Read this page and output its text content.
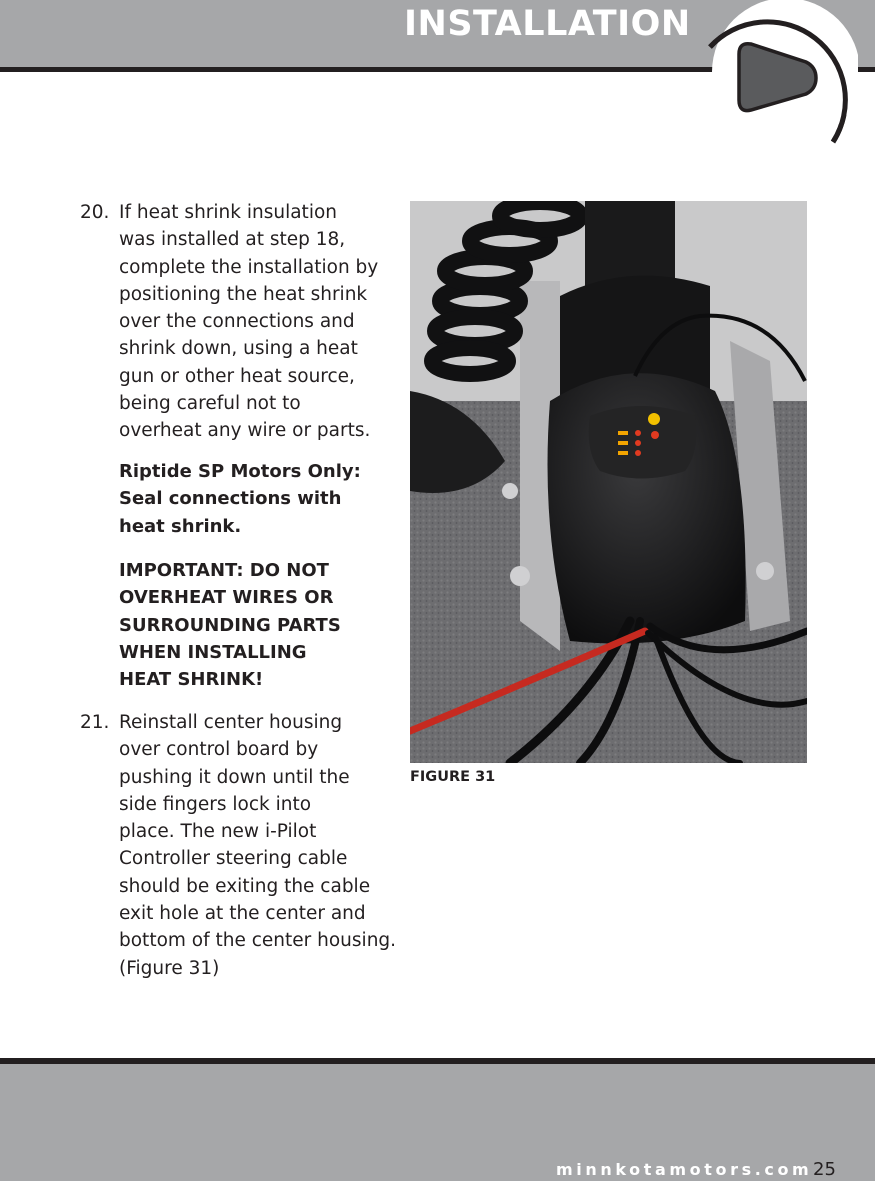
INSTALLATION
20. If heat shrink insulation
was installed at step 18,
complete the installation by
positioning the heat shrink
over the connections and
shrink down, using a heat
gun or other heat source,
being careful not to
overheat any wire or parts.
Riptide SP Motors Only:
Seal connections with
heat shrink.
IMPORTANT: DO NOT
OVERHEAT WIRES OR
SURROUNDING PARTS
WHEN INSTALLING
HEAT SHRINK!
21. Reinstall center housing
over control board by
pushing it down until the
side fingers lock into
place. The new i-Pilot
Controller steering cable
should be exiting the cable
exit hole at the center and
bottom of the center housing.
(Figure 31)
FIGURE 31
minnkotamotors.com 25
